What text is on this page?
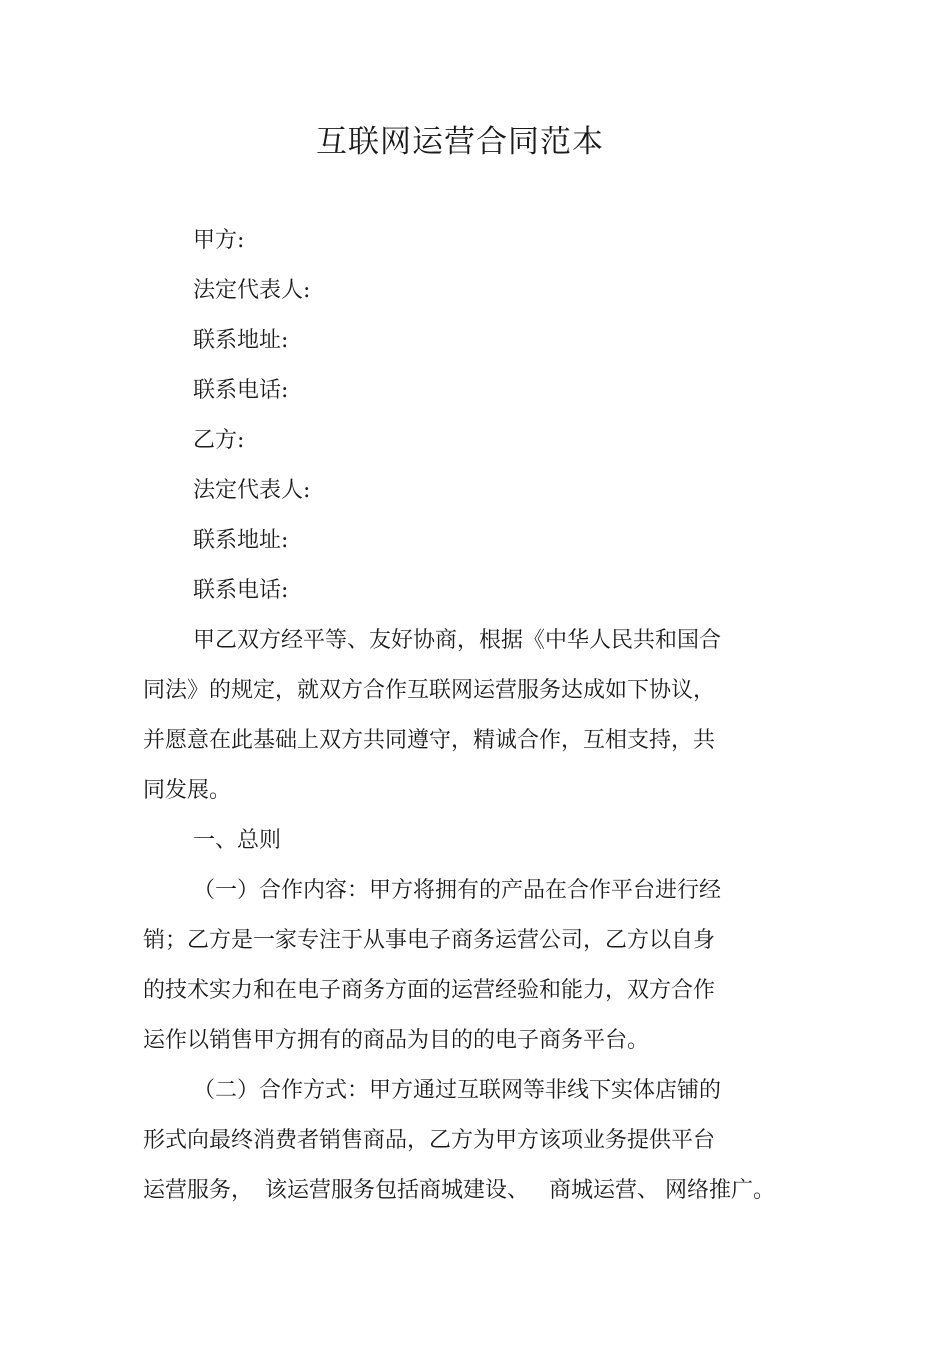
互联网运营合同范本
甲方:
法定代表人:
联系地址:
联系电话:
乙方:
法定代表人:
联系地址:
联系电话:
甲乙双方经平等、友好协商，根据《中华人民共和国合
同法》的规定，就双方合作互联网运营服务达成如下协议，
并愿意在此基础上双方共同遵守，精诚合作，互相支持，共
同发展。
一、总则
（一）合作内容：甲方将拥有的产品在合作平台进行经
销；乙方是一家专注于从事电子商务运营公司，乙方以自身
的技术实力和在电子商务方面的运营经验和能力，双方合作
运作以销售甲方拥有的商品为目的的电子商务平台。
（二）合作方式：甲方通过互联网等非线下实体店铺的
形式向最终消费者销售商品，乙方为甲方该项业务提供平台
运营服务， 该运营服务包括商城建设、 商城运营、 网络推广。
